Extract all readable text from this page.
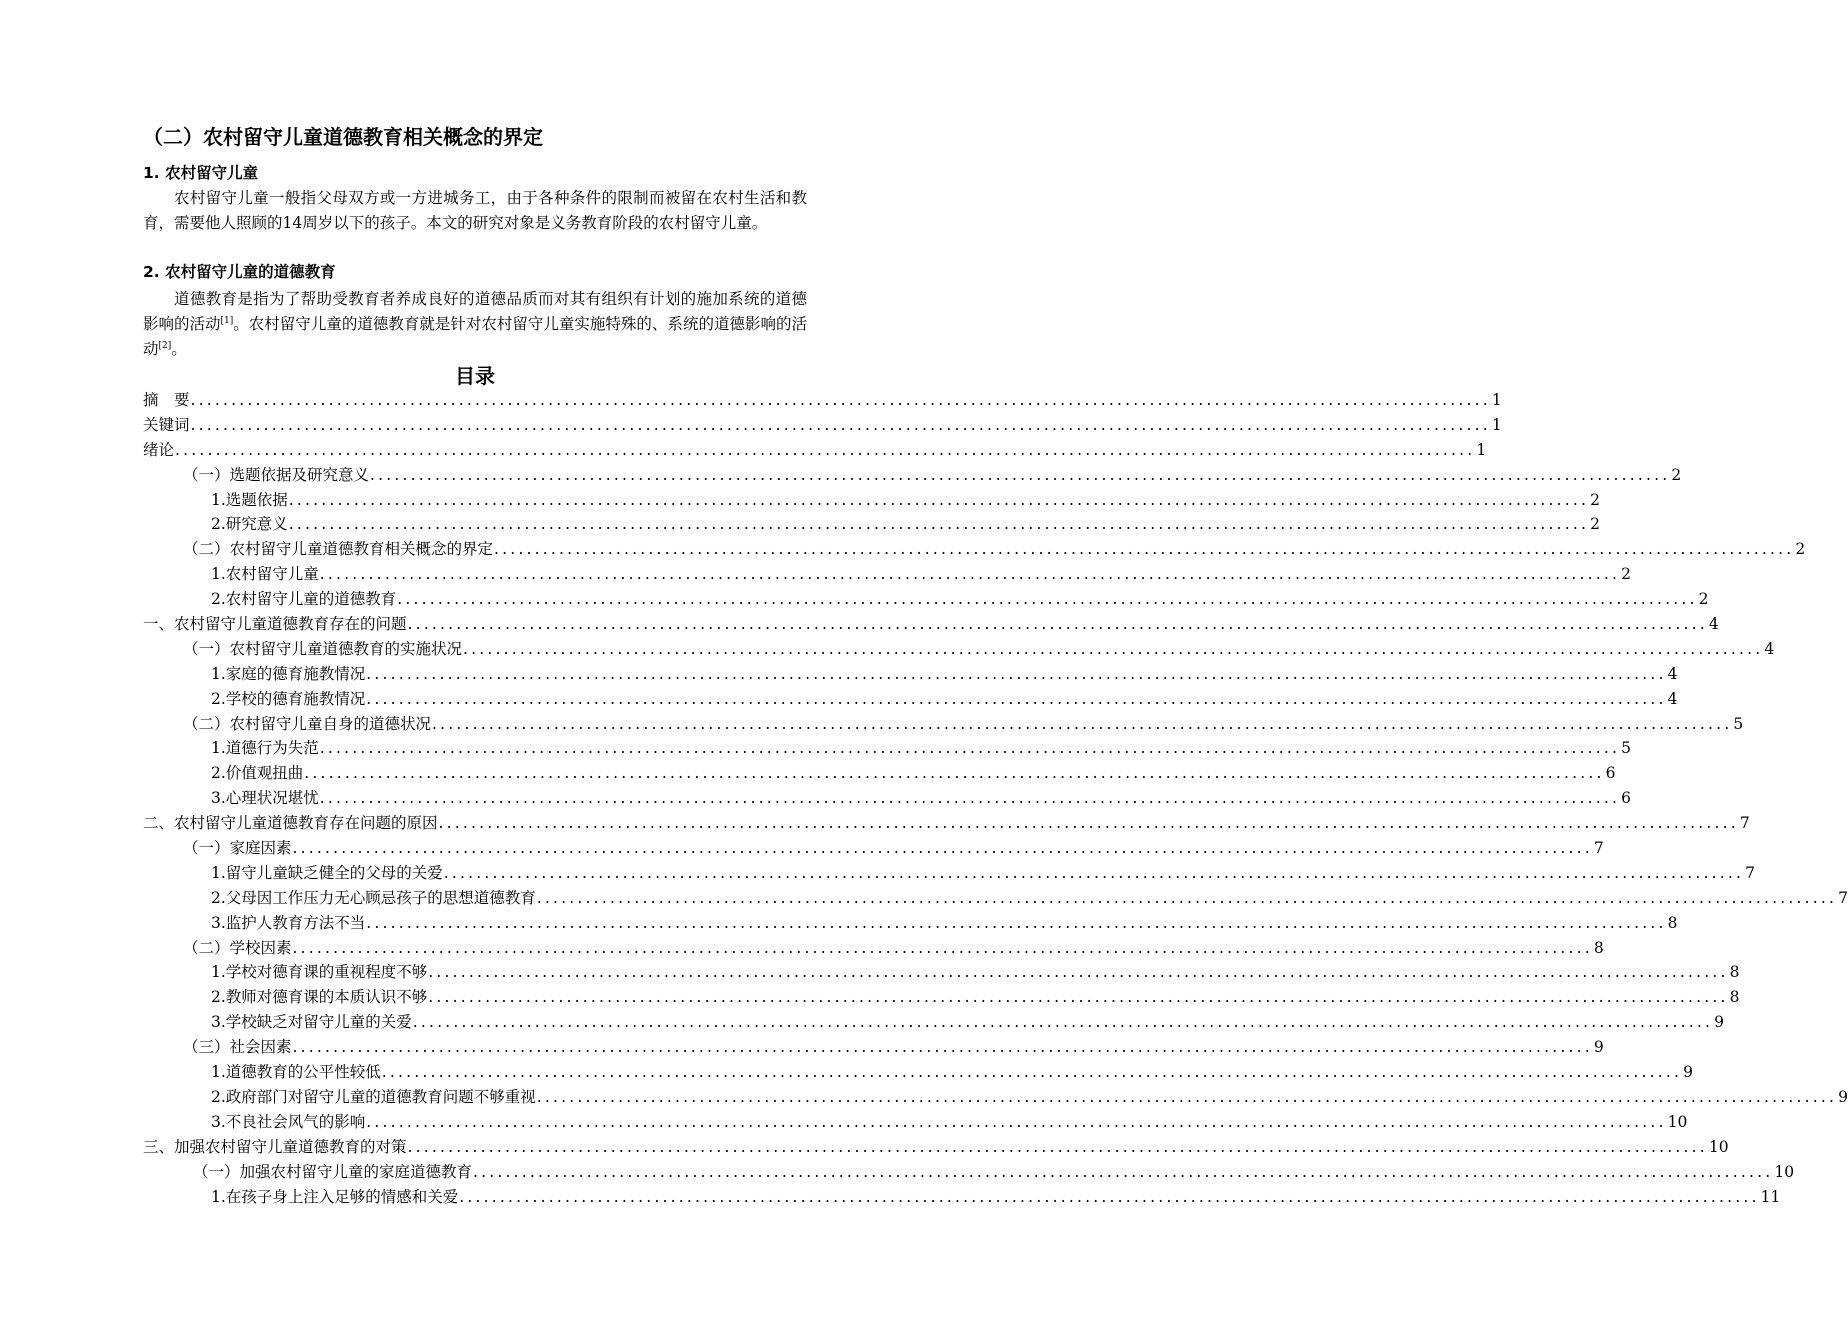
（二）农村留守儿童道德教育相关概念的界定
1. 农村留守儿童

农村留守儿童一般指父母双方或一方进城务工，由于各种条件的限制而被留在农村生活和教育，需要他人照顾的14周岁以下的孩子。本文的研究对象是义务教育阶段的农村留守儿童。

2. 农村留守儿童的道德教育

道德教育是指为了帮助受教育者养成良好的道德品质而对其有组织有计划的施加系统的道德影响的活动[1]。农村留守儿童的道德教育就是针对农村留守儿童实施特殊的、系统的道德影响的活动[2]。

目录
摘　要 ................................................................................................................................................................ 1
关键词 ................................................................................................................................................................ 1
绪论 ................................................................................................................................................................ 1
（一）选题依据及研究意义 ................................................................................................................................................................ 2
1.选题依据 ................................................................................................................................................................ 2
2.研究意义 ................................................................................................................................................................ 2
（二）农村留守儿童道德教育相关概念的界定 ................................................................................................................................................................ 2
1.农村留守儿童 ................................................................................................................................................................ 2
2.农村留守儿童的道德教育 ................................................................................................................................................................ 2
一、农村留守儿童道德教育存在的问题 ................................................................................................................................................................ 4
（一）农村留守儿童道德教育的实施状况 ................................................................................................................................................................ 4
1.家庭的德育施教情况 ................................................................................................................................................................ 4
2.学校的德育施教情况 ................................................................................................................................................................ 4
（二）农村留守儿童自身的道德状况 ................................................................................................................................................................ 5
1.道德行为失范 ................................................................................................................................................................ 5
2.价值观扭曲 ................................................................................................................................................................ 6
3.心理状况堪忧 ................................................................................................................................................................ 6
二、农村留守儿童道德教育存在问题的原因 ................................................................................................................................................................ 7
（一）家庭因素 ................................................................................................................................................................ 7
1.留守儿童缺乏健全的父母的关爱 ................................................................................................................................................................ 7
2.父母因工作压力无心顾忌孩子的思想道德教育 ................................................................................................................................................................ 7
3.监护人教育方法不当 ................................................................................................................................................................ 8
（二）学校因素 ................................................................................................................................................................ 8
1.学校对德育课的重视程度不够 ................................................................................................................................................................ 8
2.教师对德育课的本质认识不够 ................................................................................................................................................................ 8
3.学校缺乏对留守儿童的关爱 ................................................................................................................................................................ 9
（三）社会因素 ................................................................................................................................................................ 9
1.道德教育的公平性较低 ................................................................................................................................................................ 9
2.政府部门对留守儿童的道德教育问题不够重视 ................................................................................................................................................................ 9
3.不良社会风气的影响 ................................................................................................................................................................ 10
三、加强农村留守儿童道德教育的对策 ................................................................................................................................................................ 10
（一）加强农村留守儿童的家庭道德教育 ................................................................................................................................................................ 10
1.在孩子身上注入足够的情感和关爱 ................................................................................................................................................................ 11
